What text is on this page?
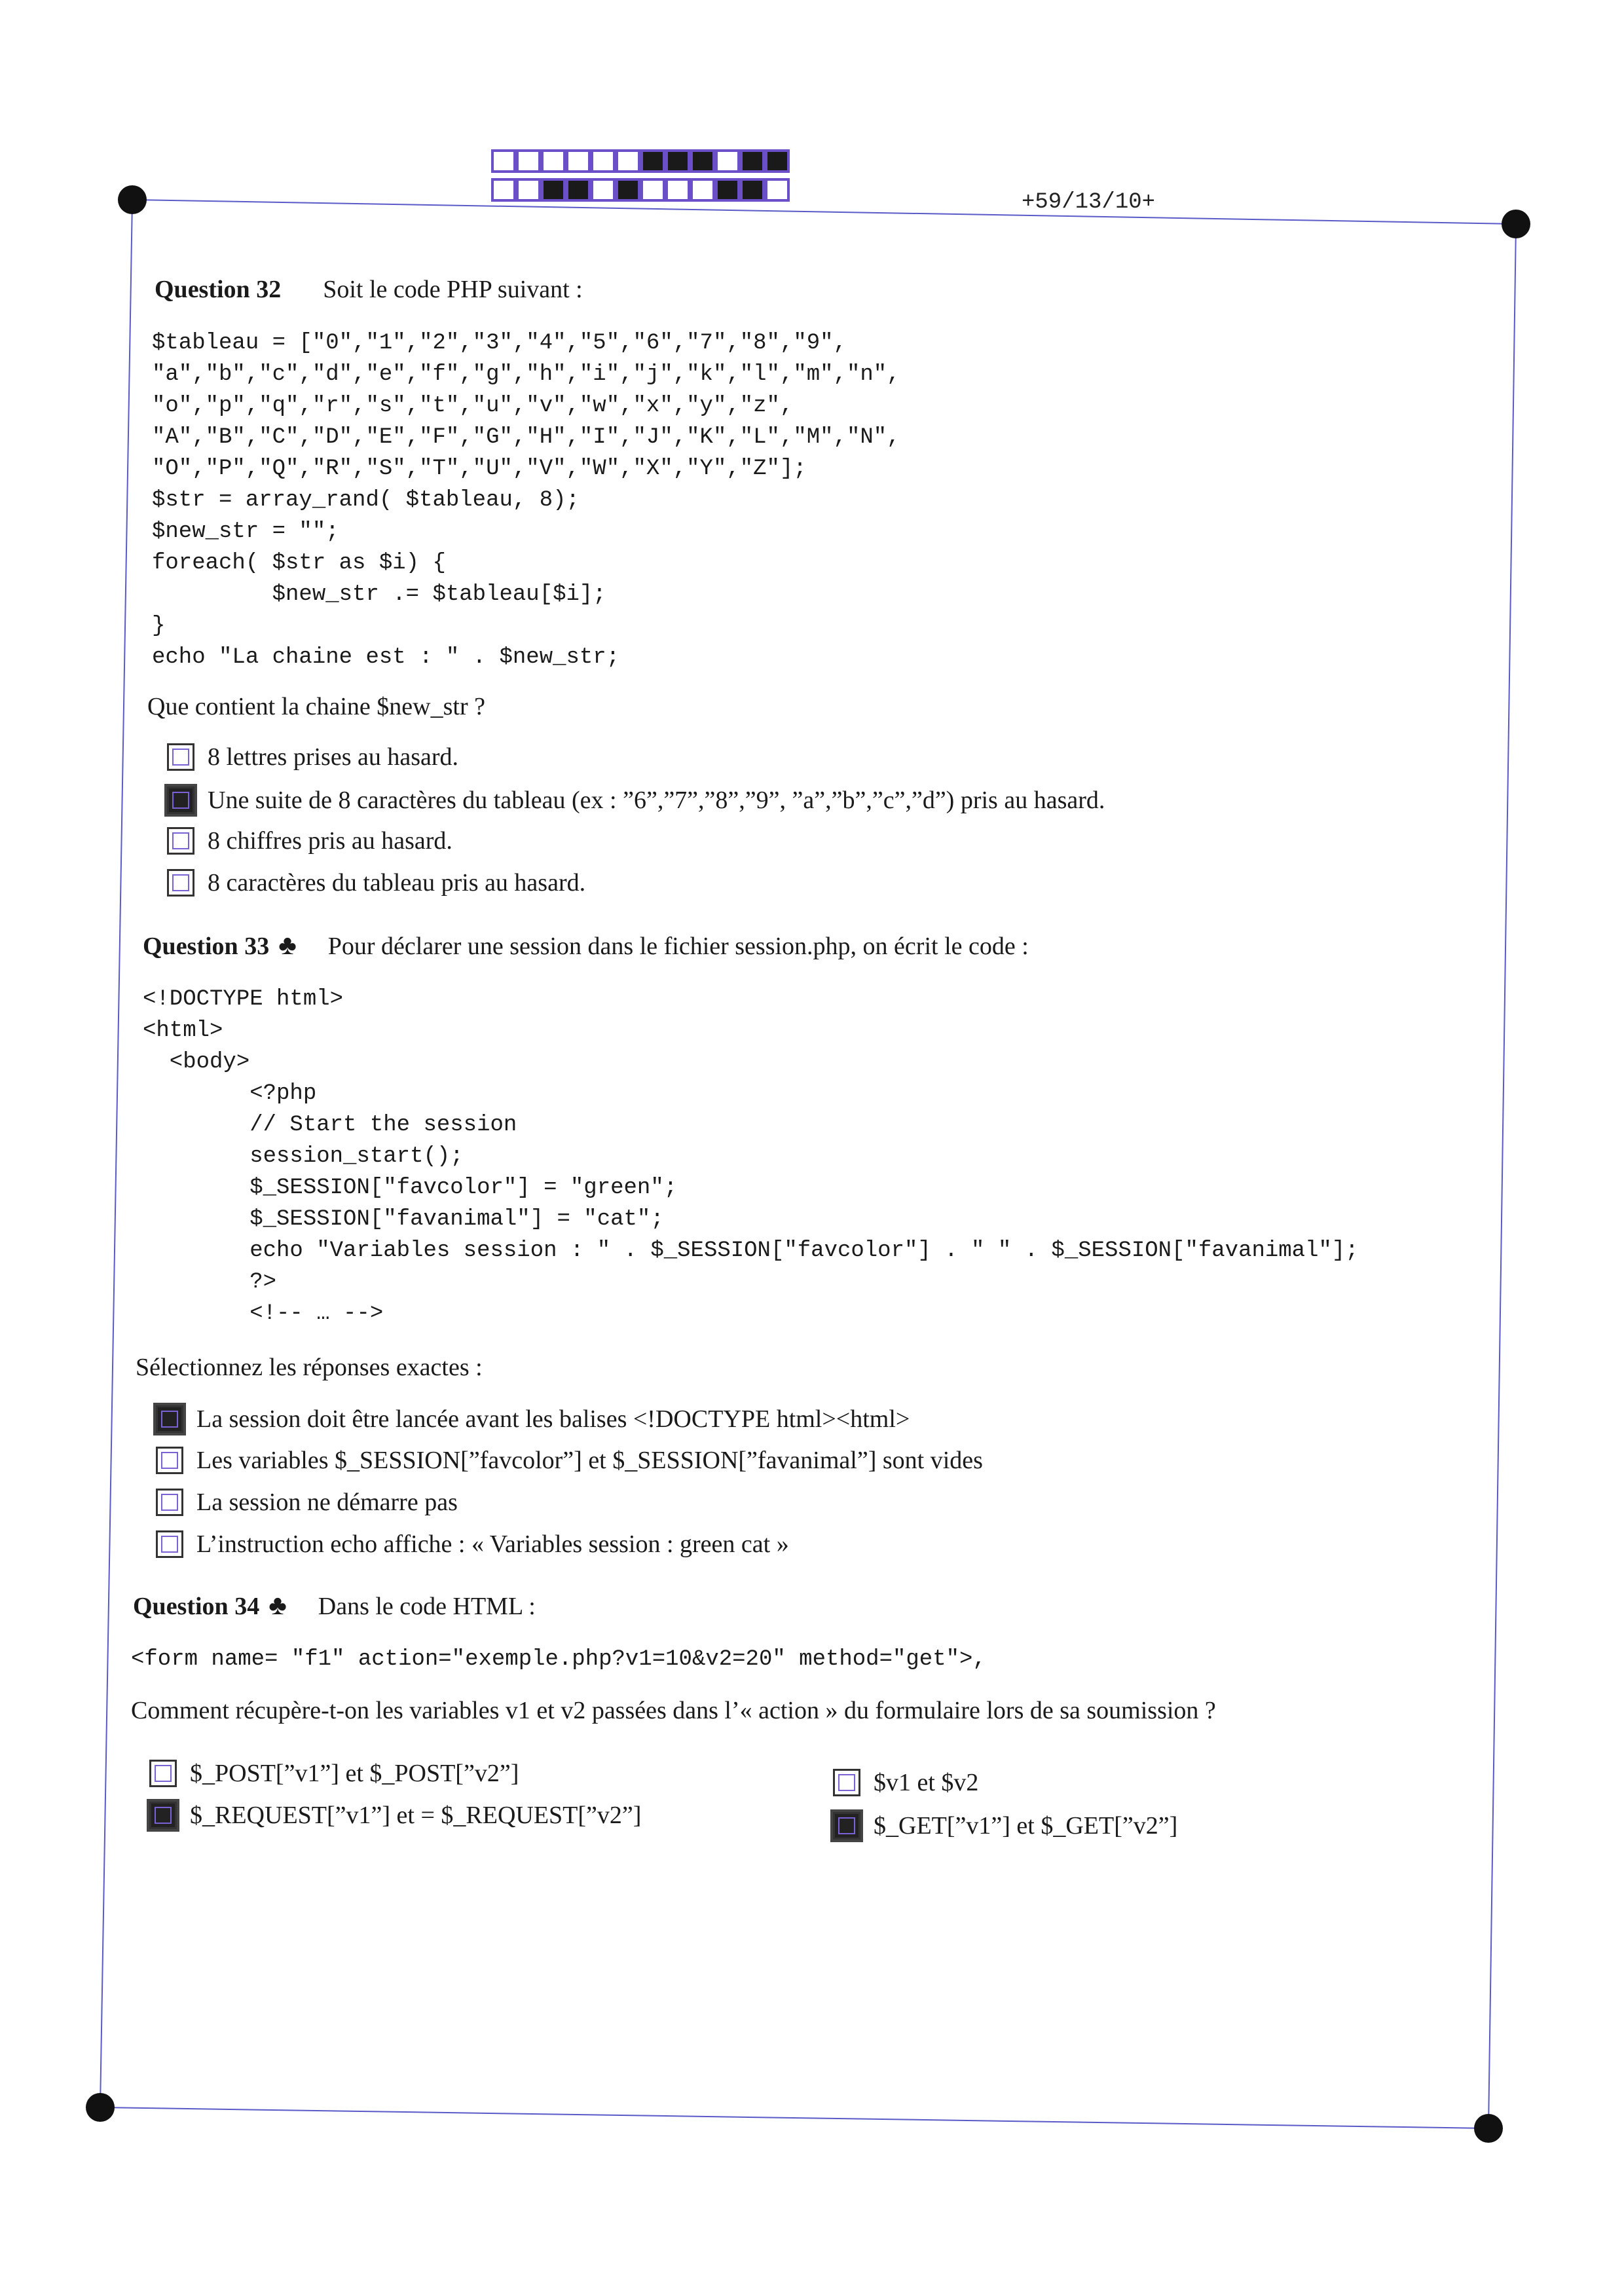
+59/13/10+
Question 32 Soit le code PHP suivant :
$tableau = ["0","1","2","3","4","5","6","7","8","9",
"a","b","c","d","e","f","g","h","i","j","k","l","m","n",
"o","p","q","r","s","t","u","v","w","x","y","z",
"A","B","C","D","E","F","G","H","I","J","K","L","M","N",
"O","P","Q","R","S","T","U","V","W","X","Y","Z"];
$str = array_rand( $tableau, 8);
$new_str = "";
foreach( $str as $i) {
$new_str .= $tableau[$i];
}
echo "La chaine est : " . $new_str;
Que contient la chaine $new_str ?
8 lettres prises au hasard.
Une suite de 8 caractères du tableau (ex : ”6”,”7”,”8”,”9”, ”a”,”b”,”c”,”d”) pris au hasard.
8 chiffres pris au hasard.
8 caractères du tableau pris au hasard.
Question 33 ♣ Pour déclarer une session dans le fichier session.php, on écrit le code :
<!DOCTYPE html>
<html>
<body>
<?php
// Start the session
session_start();
$_SESSION["favcolor"] = "green";
$_SESSION["favanimal"] = "cat";
echo "Variables session : " . $_SESSION["favcolor"] . " " . $_SESSION["favanimal"];
?>
<!-- … -->
Sélectionnez les réponses exactes :
La session doit être lancée avant les balises <!DOCTYPE html><html>
Les variables $_SESSION[”favcolor”] et $_SESSION[”favanimal”] sont vides
La session ne démarre pas
L’instruction echo affiche : « Variables session : green cat »
Question 34 ♣ Dans le code HTML :
<form name= "f1" action="exemple.php?v1=10&v2=20" method="get">,
Comment récupère-t-on les variables v1 et v2 passées dans l’« action » du formulaire lors de sa soumission ?
$_POST[”v1”] et $_POST[”v2”]
$_REQUEST[”v1”] et = $_REQUEST[”v2”]
$v1 et $v2
$_GET[”v1”] et $_GET[”v2”]
